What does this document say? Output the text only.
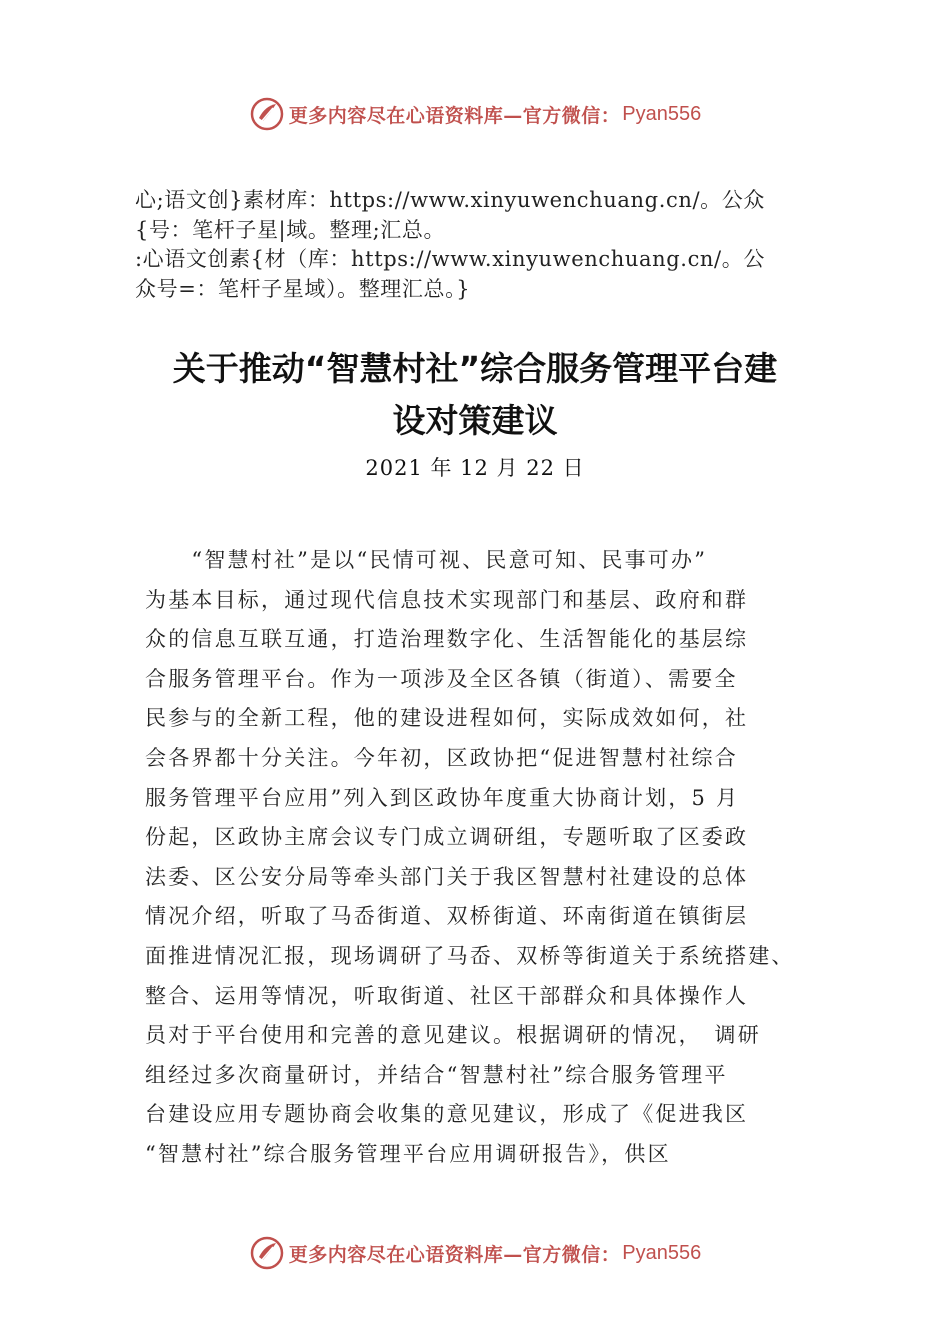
更多内容尽在心语资料库—官方微信： Pyan556
心;语文创}素材库：https://www.xinyuwenchuang.cn/。公众
{号：笔杆子星|域。整理;汇总。
:心语文创素{材（库：https://www.xinyuwenchuang.cn/。公
众号=：笔杆子星域）。整理汇总。}
关于推动“智慧村社”综合服务管理平台建
设对策建议
2021 年 12 月 22 日
　　“智慧村社”是以“民情可视、民意可知、民事可办”
为基本目标，通过现代信息技术实现部门和基层、政府和群
众的信息互联互通，打造治理数字化、生活智能化的基层综
合服务管理平台。作为一项涉及全区各镇（街道）、需要全
民参与的全新工程，他的建设进程如何，实际成效如何，社
会各界都十分关注。今年初，区政协把“促进智慧村社综合
服务管理平台应用”列入到区政协年度重大协商计划，5 月
份起，区政协主席会议专门成立调研组，专题听取了区委政
法委、区公安分局等牵头部门关于我区智慧村社建设的总体
情况介绍，听取了马岙街道、双桥街道、环南街道在镇街层
面推进情况汇报，现场调研了马岙、双桥等街道关于系统搭建、
整合、运用等情况，听取街道、社区干部群众和具体操作人
员对于平台使用和完善的意见建议。根据调研的情况，　调研
组经过多次商量研讨，并结合“智慧村社”综合服务管理平
台建设应用专题协商会收集的意见建议，形成了《促进我区
“智慧村社”综合服务管理平台应用调研报告》，供区
更多内容尽在心语资料库—官方微信： Pyan556
